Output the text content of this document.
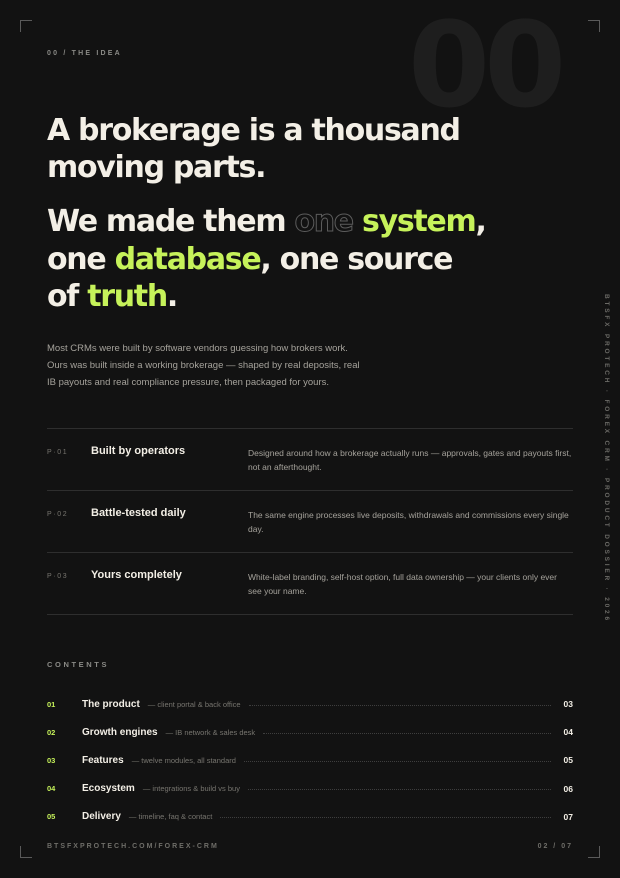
00
00 / THE IDEA
A brokerage is a thousand
moving parts.
We made them one system,
one database, one source
of truth.

Most CRMs were built by software vendors guessing how brokers work.

Ours was built inside a working brokerage — shaped by real deposits, real

IB payouts and real compliance pressure, then packaged for yours.

P·01 Built by operators	Designed around how a brokerage actually runs — approvals, gates and payouts first, not an afterthought.
P·02 Battle-tested daily	The same engine processes live deposits, withdrawals and commissions every single day.
P·03 Yours completely	White-label branding, self-host option, full data ownership — your clients only ever see your name.
CONTENTS
01	The product — client portal & back office	03
02	Growth engines — IB network & sales desk	04
03	Features — twelve modules, all standard	05
04	Ecosystem — integrations & build vs buy	06
05	Delivery — timeline, faq & contact	07
BTSFX PROTECH · FOREX CRM · PRODUCT DOSSIER · 2026
BTSFXPROTECH.COM/FOREX-CRM	02 / 07
